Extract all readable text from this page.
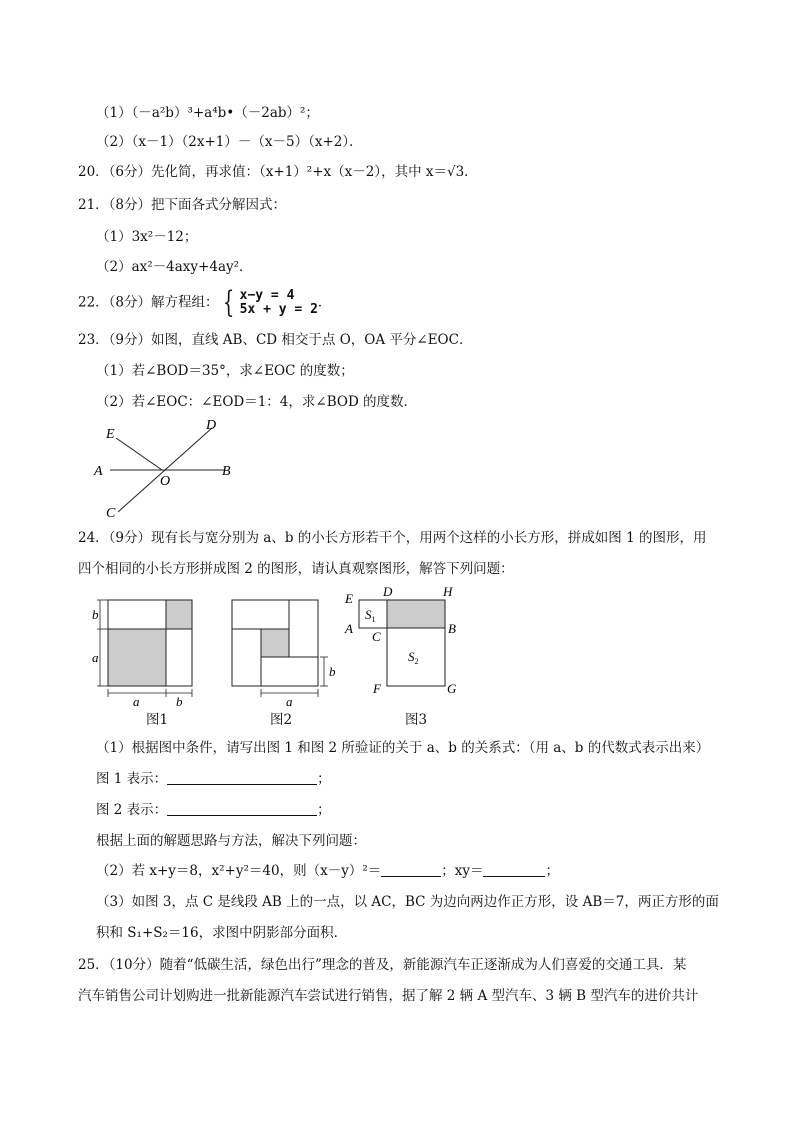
（1）（－a²b）³+a⁴b•（－2ab）²；
（2）（x－1）（2x+1）－（x－5）（x+2）．
20．（6分）先化简，再求值：（x+1）²+x（x－2），其中 x＝√3．
21．（8分）把下面各式分解因式：
（1）3x²－12；
（2）ax²－4axy+4ay²．
22．（8分）解方程组： { x−y = 4
5x + y = 2 ．
23．（9分）如图，直线 AB、CD 相交于点 O，OA 平分∠EOC．
（1）若∠BOD＝35°，求∠EOC 的度数；
（2）若∠EOC：∠EOD＝1：4，求∠BOD 的度数．
E
D
A	B
O
C
24．（9分）现有长与宽分别为 a、b 的小长方形若干个，用两个这样的小长方形，拼成如图 1 的图形，用
四个相同的小长方形拼成图 2 的图形，请认真观察图形，解答下列问题：
b
a
a	b
图1
b
a
图2
E D	H
A
C
B
F	G
$S_1$
$S_2$
图3
（1）根据图中条件，请写出图 1 和图 2 所验证的关于 a、b 的关系式：（用 a、b 的代数式表示出来）
图 1 表示：	；
图 2 表示：	；
根据上面的解题思路与方法，解决下列问题：
（2）若 x+y＝8，x²+y²＝40，则（x－y）²＝	；xy＝	；
（3）如图 3，点 C 是线段 AB 上的一点，以 AC，BC 为边向两边作正方形，设 AB＝7，两正方形的面
积和 S₁+S₂＝16，求图中阴影部分面积．
25．（10分）随着“低碳生活，绿色出行”理念的普及，新能源汽车正逐渐成为人们喜爱的交通工具．某
汽车销售公司计划购进一批新能源汽车尝试进行销售，据了解 2 辆 A 型汽车、3 辆 B 型汽车的进价共计
